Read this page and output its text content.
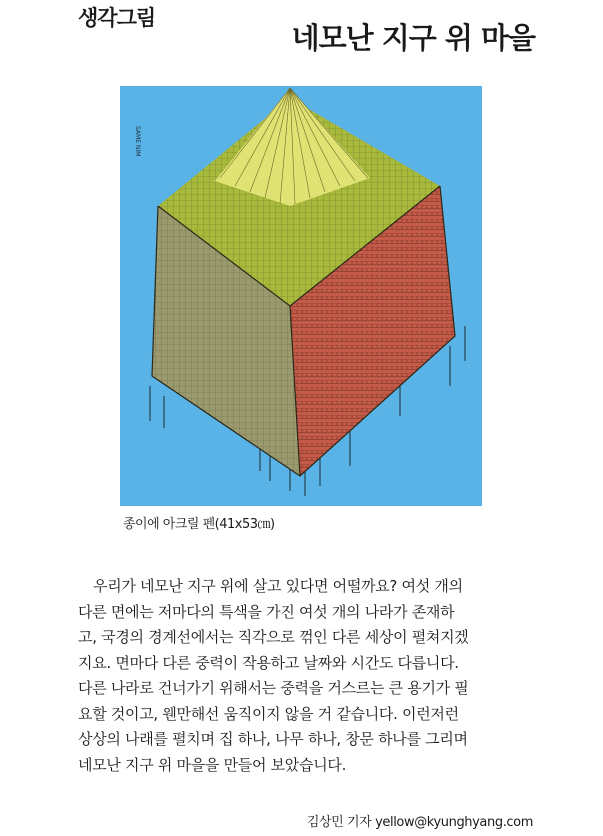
생각그림
네모난 지구 위 마을
SAME NIM
종이에 아크릴 펜(41x53㎝)

우리가 네모난 지구 위에 살고 있다면 어떨까요? 여섯 개의

다른 면에는 저마다의 특색을 가진 여섯 개의 나라가 존재하

고, 국경의 경계선에서는 직각으로 꺾인 다른 세상이 펼쳐지겠

지요. 면마다 다른 중력이 작용하고 날짜와 시간도 다릅니다.

다른 나라로 건너가기 위해서는 중력을 거스르는 큰 용기가 필

요할 것이고, 웬만해선 움직이지 않을 거 같습니다. 이런저런

상상의 나래를 펼치며 집 하나, 나무 하나, 창문 하나를 그리며

네모난 지구 위 마을을 만들어 보았습니다.

김상민 기자 yellow@kyunghyang.com
